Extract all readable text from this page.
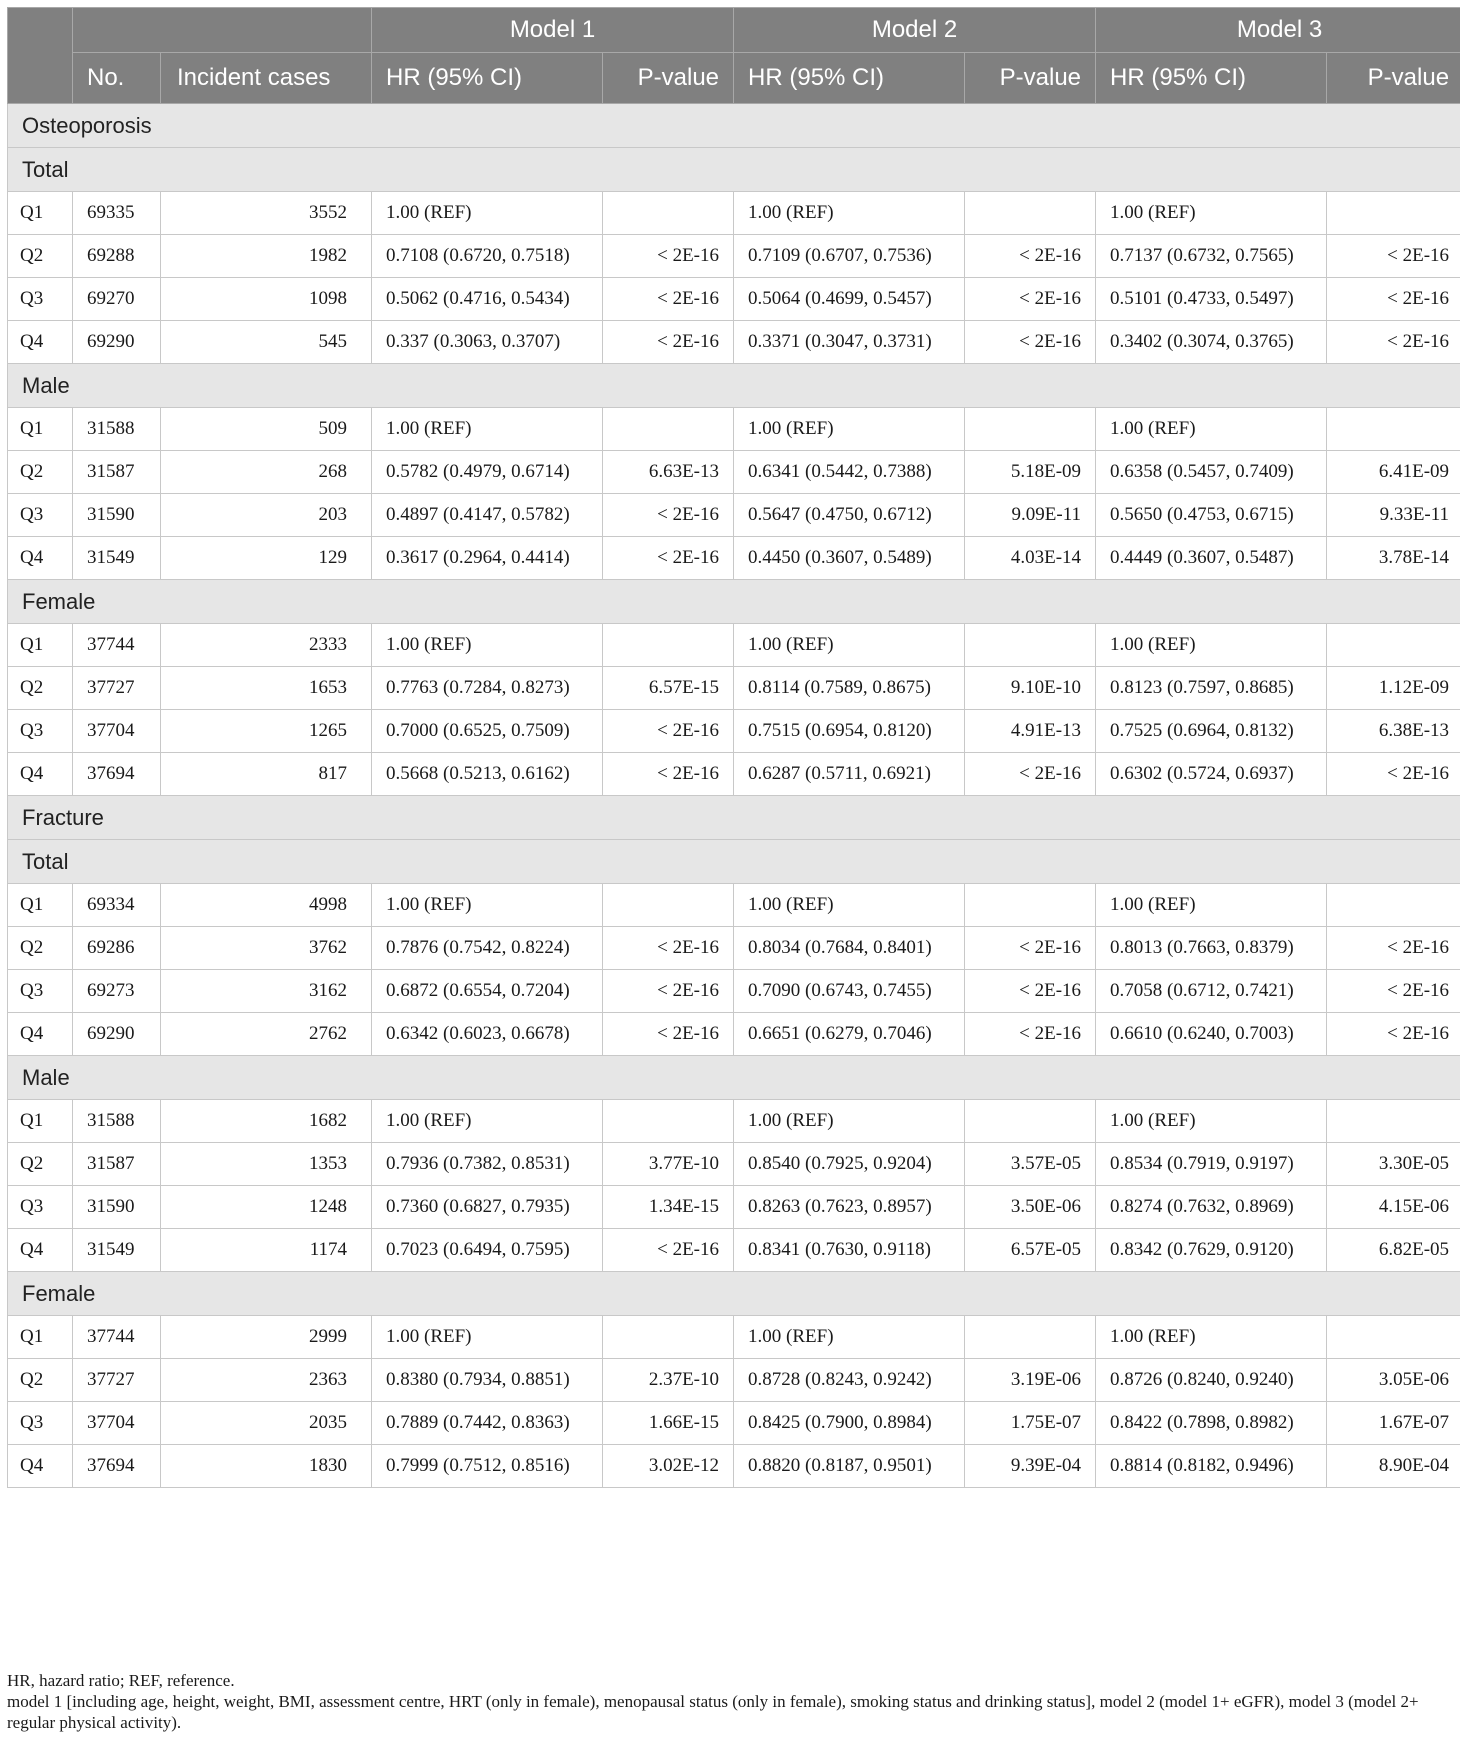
			Model 1		Model 2		Model 3	
	No.	Incident cases	HR (95% CI)	P-value	HR (95% CI)	P-value	HR (95% CI)	P-value
Osteoporosis								
Total								
Q1	69335	3552	1.00 (REF)		1.00 (REF)		1.00 (REF)	
Q2	69288	1982	0.7108 (0.6720, 0.7518)	< 2E-16	0.7109 (0.6707, 0.7536)	< 2E-16	0.7137 (0.6732, 0.7565)	< 2E-16
Q3	69270	1098	0.5062 (0.4716, 0.5434)	< 2E-16	0.5064 (0.4699, 0.5457)	< 2E-16	0.5101 (0.4733, 0.5497)	< 2E-16
Q4	69290	545	0.337 (0.3063, 0.3707)	< 2E-16	0.3371 (0.3047, 0.3731)	< 2E-16	0.3402 (0.3074, 0.3765)	< 2E-16
Male								
Q1	31588	509	1.00 (REF)		1.00 (REF)		1.00 (REF)	
Q2	31587	268	0.5782 (0.4979, 0.6714)	6.63E-13	0.6341 (0.5442, 0.7388)	5.18E-09	0.6358 (0.5457, 0.7409)	6.41E-09
Q3	31590	203	0.4897 (0.4147, 0.5782)	< 2E-16	0.5647 (0.4750, 0.6712)	9.09E-11	0.5650 (0.4753, 0.6715)	9.33E-11
Q4	31549	129	0.3617 (0.2964, 0.4414)	< 2E-16	0.4450 (0.3607, 0.5489)	4.03E-14	0.4449 (0.3607, 0.5487)	3.78E-14
Female								
Q1	37744	2333	1.00 (REF)		1.00 (REF)		1.00 (REF)	
Q2	37727	1653	0.7763 (0.7284, 0.8273)	6.57E-15	0.8114 (0.7589, 0.8675)	9.10E-10	0.8123 (0.7597, 0.8685)	1.12E-09
Q3	37704	1265	0.7000 (0.6525, 0.7509)	< 2E-16	0.7515 (0.6954, 0.8120)	4.91E-13	0.7525 (0.6964, 0.8132)	6.38E-13
Q4	37694	817	0.5668 (0.5213, 0.6162)	< 2E-16	0.6287 (0.5711, 0.6921)	< 2E-16	0.6302 (0.5724, 0.6937)	< 2E-16
Fracture								
Total								
Q1	69334	4998	1.00 (REF)		1.00 (REF)		1.00 (REF)	
Q2	69286	3762	0.7876 (0.7542, 0.8224)	< 2E-16	0.8034 (0.7684, 0.8401)	< 2E-16	0.8013 (0.7663, 0.8379)	< 2E-16
Q3	69273	3162	0.6872 (0.6554, 0.7204)	< 2E-16	0.7090 (0.6743, 0.7455)	< 2E-16	0.7058 (0.6712, 0.7421)	< 2E-16
Q4	69290	2762	0.6342 (0.6023, 0.6678)	< 2E-16	0.6651 (0.6279, 0.7046)	< 2E-16	0.6610 (0.6240, 0.7003)	< 2E-16
Male								
Q1	31588	1682	1.00 (REF)		1.00 (REF)		1.00 (REF)	
Q2	31587	1353	0.7936 (0.7382, 0.8531)	3.77E-10	0.8540 (0.7925, 0.9204)	3.57E-05	0.8534 (0.7919, 0.9197)	3.30E-05
Q3	31590	1248	0.7360 (0.6827, 0.7935)	1.34E-15	0.8263 (0.7623, 0.8957)	3.50E-06	0.8274 (0.7632, 0.8969)	4.15E-06
Q4	31549	1174	0.7023 (0.6494, 0.7595)	< 2E-16	0.8341 (0.7630, 0.9118)	6.57E-05	0.8342 (0.7629, 0.9120)	6.82E-05
Female								
Q1	37744	2999	1.00 (REF)		1.00 (REF)		1.00 (REF)	
Q2	37727	2363	0.8380 (0.7934, 0.8851)	2.37E-10	0.8728 (0.8243, 0.9242)	3.19E-06	0.8726 (0.8240, 0.9240)	3.05E-06
Q3	37704	2035	0.7889 (0.7442, 0.8363)	1.66E-15	0.8425 (0.7900, 0.8984)	1.75E-07	0.8422 (0.7898, 0.8982)	1.67E-07
Q4	37694	1830	0.7999 (0.7512, 0.8516)	3.02E-12	0.8820 (0.8187, 0.9501)	9.39E-04	0.8814 (0.8182, 0.9496)	8.90E-04

HR, hazard ratio; REF, reference.

model 1 [including age, height, weight, BMI, assessment centre, HRT (only in female), menopausal status (only in female), smoking status and drinking status], model 2 (model 1+ eGFR), model 3 (model 2+ regular physical activity).
